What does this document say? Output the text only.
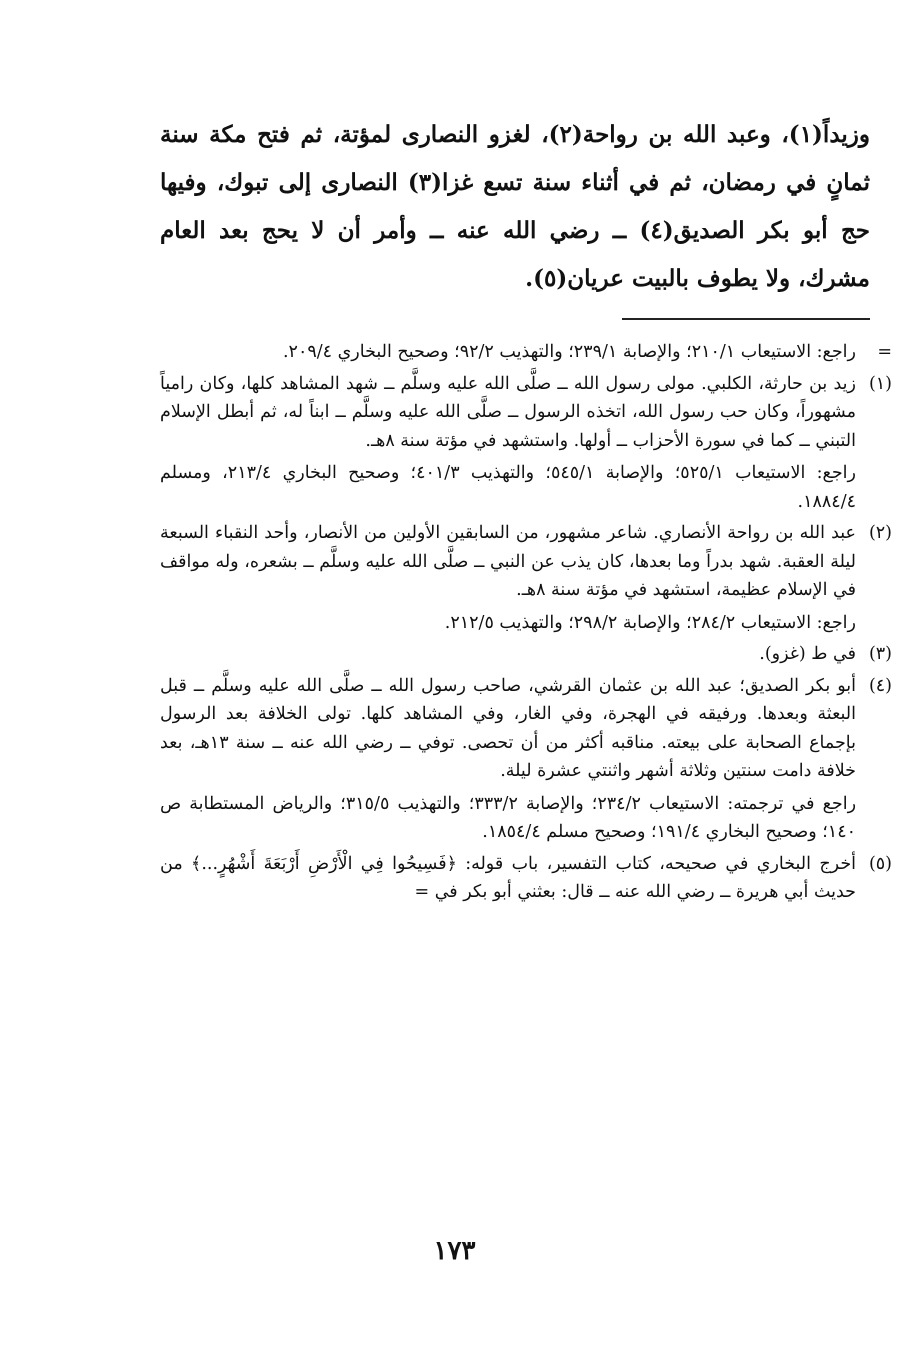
وزيداً‏(١)، وعبد الله بن رواحة(٢)، لغزو النصارى لمؤتة، ثم فتح مكة سنة ثمانٍ في رمضان، ثم في أثناء سنة تسع غزا(٣) النصارى إلى تبوك، وفيها حج أبو بكر الصديق(٤) ــ رضي الله عنه ــ وأمر أن لا يحج بعد العام مشرك، ولا يطوف بالبيت عريان(٥).

=

راجع: الاستيعاب ٢١٠/١؛ والإصابة ٢٣٩/١؛ والتهذيب ٩٢/٢؛ وصحيح البخاري ٢٠٩/٤.

(١)

زيد بن حارثة، الكلبي. مولى رسول الله ــ صلَّى الله عليه وسلَّم ــ شهد المشاهد كلها، وكان رامياً مشهوراً، وكان حب رسول الله، اتخذه الرسول ــ صلَّى الله عليه وسلَّم ــ ابناً له، ثم أبطل الإسلام التبني ــ كما في سورة الأحزاب ــ أولها. واستشهد في مؤتة سنة ٨هـ.

راجع: الاستيعاب ٥٢٥/١؛ والإصابة ٥٤٥/١؛ والتهذيب ٤٠١/٣؛ وصحيح البخاري ٢١٣/٤، ومسلم ١٨٨٤/٤.

(٢)

عبد الله بن رواحة الأنصاري. شاعر مشهور، من السابقين الأولين من الأنصار، وأحد النقباء السبعة ليلة العقبة. شهد بدراً وما بعدها، كان يذب عن النبي ــ صلَّى الله عليه وسلَّم ــ بشعره، وله مواقف في الإسلام عظيمة، استشهد في مؤتة سنة ٨هـ.

راجع: الاستيعاب ٢٨٤/٢؛ والإصابة ٢٩٨/٢؛ والتهذيب ٢١٢/٥.

(٣)

في ط (غزو).

(٤)

أبو بكر الصديق؛ عبد الله بن عثمان القرشي، صاحب رسول الله ــ صلَّى الله عليه وسلَّم ــ قبل البعثة وبعدها. ورفيقه في الهجرة، وفي الغار، وفي المشاهد كلها. تولى الخلافة بعد الرسول بإجماع الصحابة على بيعته. مناقبه أكثر من أن تحصى. توفي ــ رضي الله عنه ــ سنة ١٣هـ، بعد خلافة دامت سنتين وثلاثة أشهر واثنتي عشرة ليلة.

راجع في ترجمته: الاستيعاب ٢٣٤/٢؛ والإصابة ٣٣٣/٢؛ والتهذيب ٣١٥/٥؛ والرياض المستطابة ص ١٤٠؛ وصحيح البخاري ١٩١/٤؛ وصحيح مسلم ١٨٥٤/٤.

(٥)

أخرج البخاري في صحيحه، كتاب التفسير، باب قوله: ﴿فَسِيحُوا فِي الْأَرْضِ أَرْبَعَةَ أَشْهُرٍ...﴾ من حديث أبي هريرة ــ رضي الله عنه ــ قال: بعثني أبو بكر في =

١٧٣
